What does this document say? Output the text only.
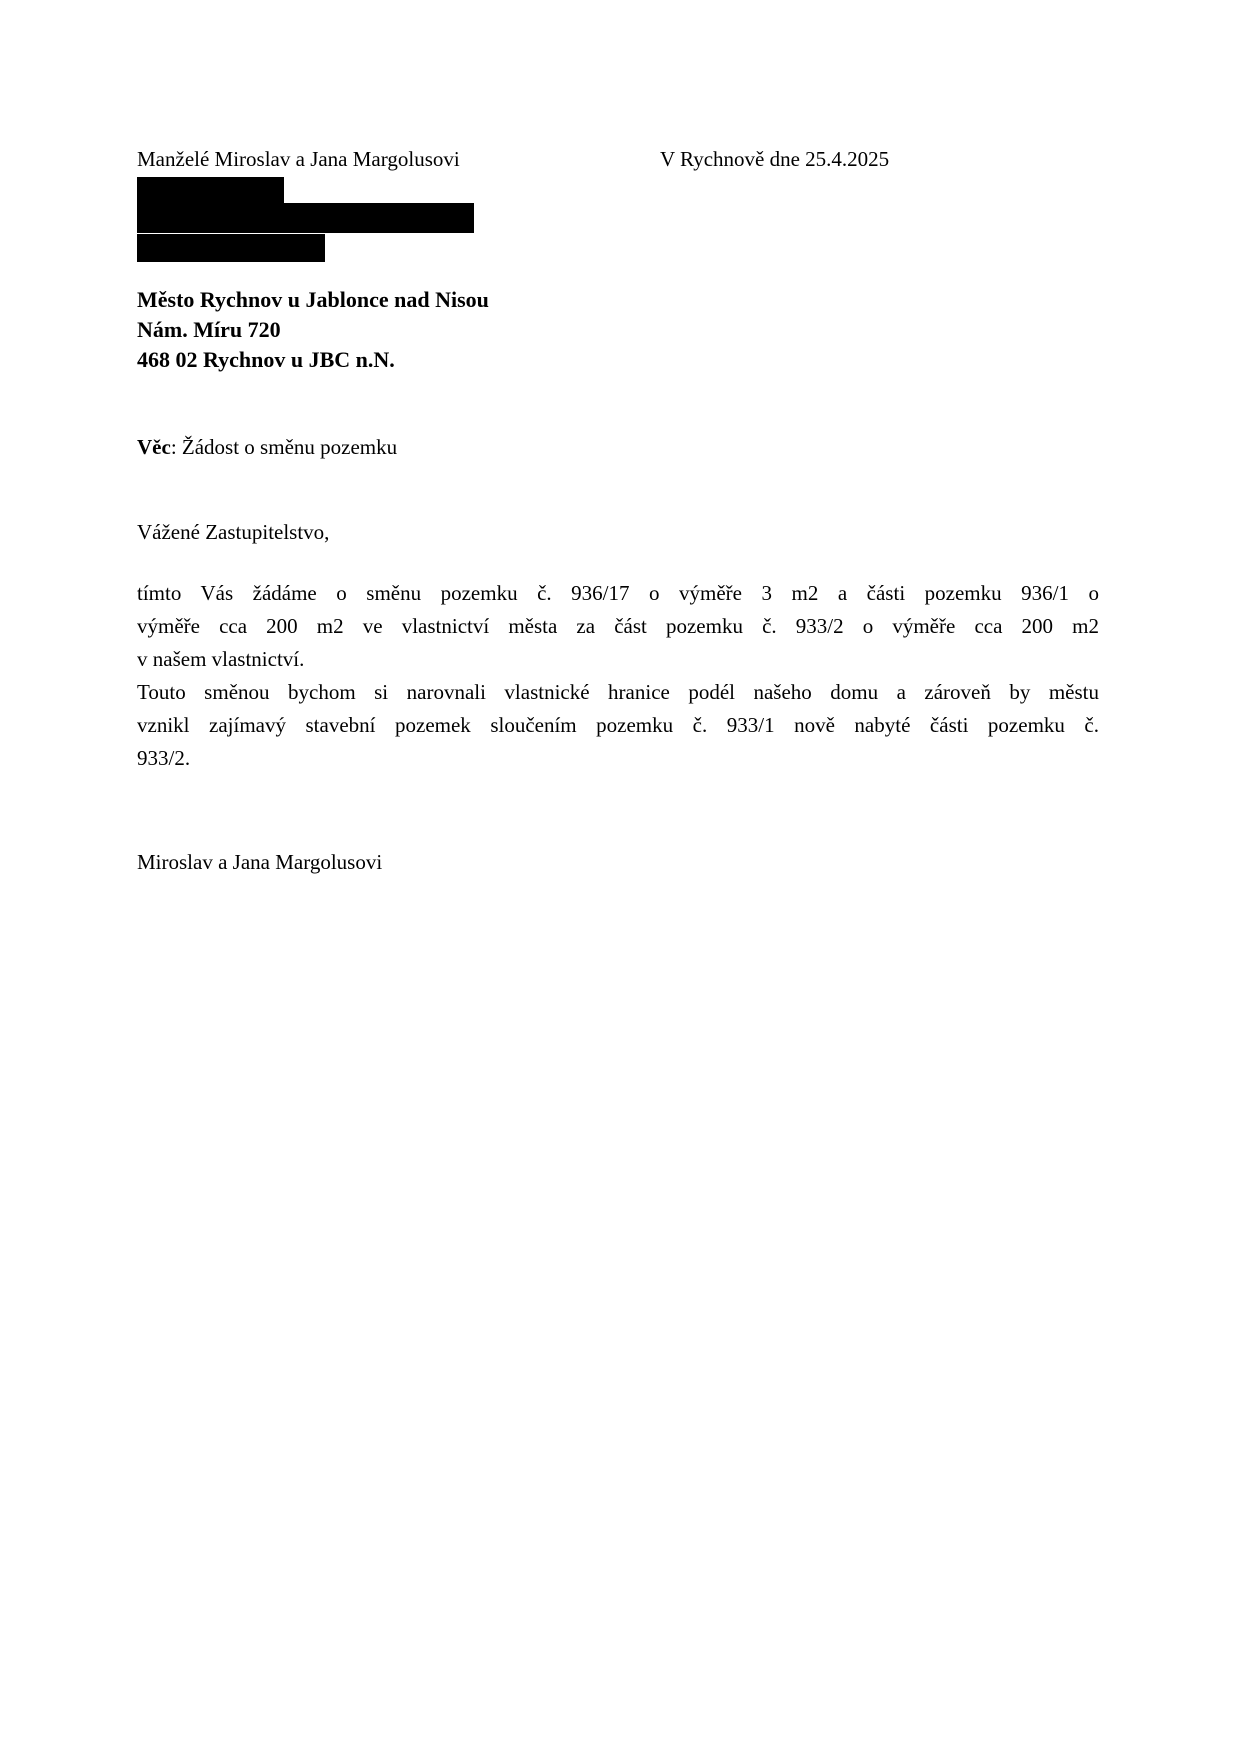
Manželé Miroslav a Jana Margolusovi	V Rychnově dne 25.4.2025
Město Rychnov u Jablonce nad Nisou
Nám. Míru 720
468 02 Rychnov u JBC n.N.
Věc: Žádost o směnu pozemku
Vážené Zastupitelstvo,
tímto Vás žádáme o směnu pozemku č. 936/17 o výměře 3 m2 a části pozemku 936/1 o
výměře cca 200 m2 ve vlastnictví města za část pozemku č. 933/2 o výměře cca 200 m2
v našem vlastnictví.
Touto směnou bychom si narovnali vlastnické hranice podél našeho domu a zároveň by městu
vznikl zajímavý stavební pozemek sloučením pozemku č. 933/1 nově nabyté části pozemku č.
933/2.
Miroslav a Jana Margolusovi
